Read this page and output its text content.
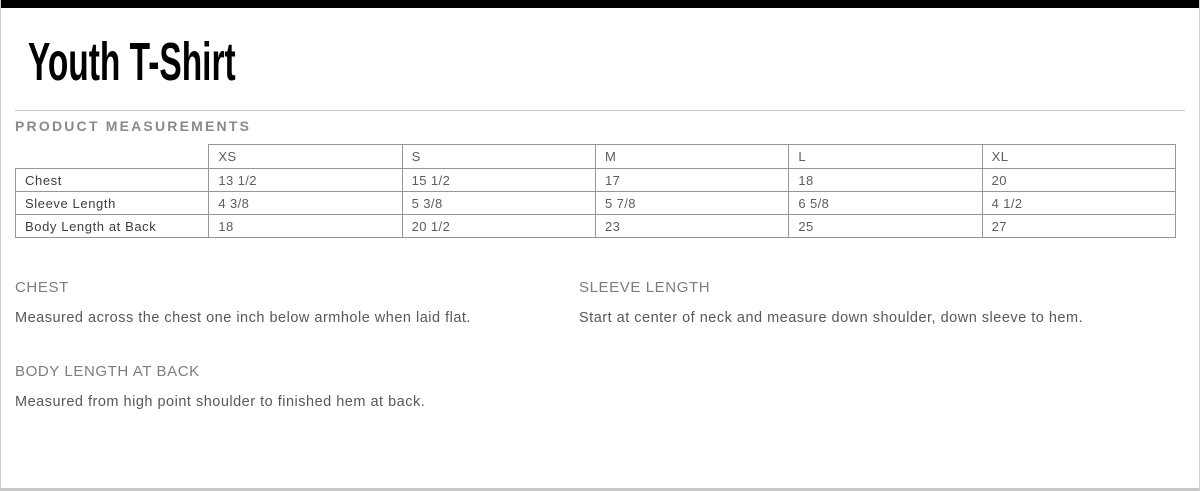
Youth T-Shirt
PRODUCT MEASUREMENTS
	XS	S	M	L	XL
Chest	13 1/2	15 1/2	17	18	20
Sleeve Length	4 3/8	5 3/8	5 7/8	6 5/8	4 1/2
Body Length at Back	18	20 1/2	23	25	27
CHEST
Measured across the chest one inch below armhole when laid flat.
SLEEVE LENGTH
Start at center of neck and measure down shoulder, down sleeve to hem.
BODY LENGTH AT BACK
Measured from high point shoulder to finished hem at back.
